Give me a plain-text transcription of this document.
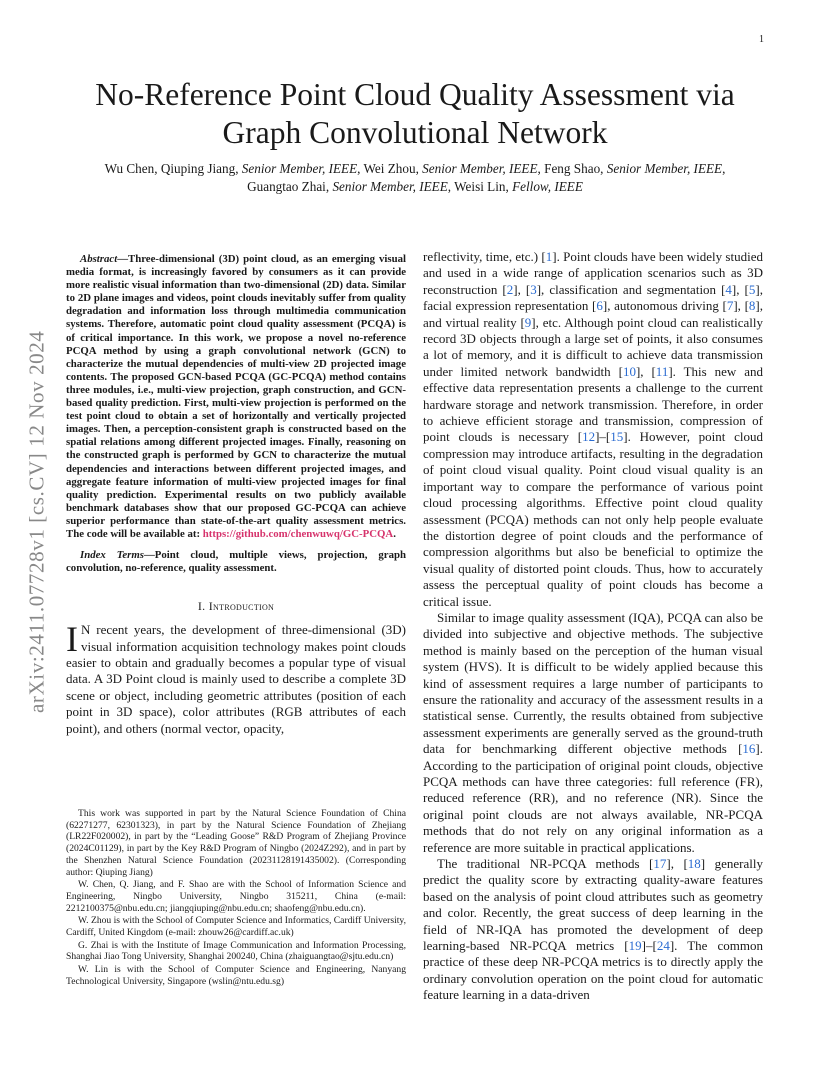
1
arXiv:2411.07728v1 [cs.CV] 12 Nov 2024
No-Reference Point Cloud Quality Assessment via Graph Convolutional Network
Wu Chen, Qiuping Jiang, Senior Member, IEEE, Wei Zhou, Senior Member, IEEE, Feng Shao, Senior Member, IEEE, Guangtao Zhai, Senior Member, IEEE, Weisi Lin, Fellow, IEEE
Abstract—Three-dimensional (3D) point cloud, as an emerging visual media format, is increasingly favored by consumers as it can provide more realistic visual information than two-dimensional (2D) data. Similar to 2D plane images and videos, point clouds inevitably suffer from quality degradation and information loss through multimedia communication systems. Therefore, automatic point cloud quality assessment (PCQA) is of critical importance. In this work, we propose a novel no-reference PCQA method by using a graph convolutional network (GCN) to characterize the mutual dependencies of multi-view 2D projected image contents. The proposed GCN-based PCQA (GC-PCQA) method contains three modules, i.e., multi-view projection, graph construction, and GCN-based quality prediction. First, multi-view projection is performed on the test point cloud to obtain a set of horizontally and vertically projected images. Then, a perception-consistent graph is constructed based on the spatial relations among different projected images. Finally, reasoning on the constructed graph is performed by GCN to characterize the mutual dependencies and interactions between different projected images, and aggregate feature information of multi-view projected images for final quality prediction. Experimental results on two publicly available benchmark databases show that our proposed GC-PCQA can achieve superior performance than state-of-the-art quality assessment metrics. The code will be available at: https://github.com/chenwuwq/GC-PCQA.
Index Terms—Point cloud, multiple views, projection, graph convolution, no-reference, quality assessment.
I. Introduction
I N recent years, the development of three-dimensional (3D) visual information acquisition technology makes point clouds easier to obtain and gradually becomes a popular type of visual data. A 3D Point cloud is mainly used to describe a complete 3D scene or object, including geometric attributes (position of each point in 3D space), color attributes (RGB attributes of each point), and others (normal vector, opacity,

This work was supported in part by the Natural Science Foundation of China (62271277, 62301323), in part by the Natural Science Foundation of Zhejiang (LR22F020002), in part by the “Leading Goose” R&D Program of Zhejiang Province (2024C01129), in part by the Key R&D Program of Ningbo (2024Z292), and in part by the Shenzhen Natural Science Foundation (20231128191435002). (Corresponding author: Qiuping Jiang)

W. Chen, Q. Jiang, and F. Shao are with the School of Information Science and Engineering, Ningbo University, Ningbo 315211, China (e-mail: 2212100375@nbu.edu.cn; jiangqiuping@nbu.edu.cn; shaofeng@nbu.edu.cn).

W. Zhou is with the School of Computer Science and Informatics, Cardiff University, Cardiff, United Kingdom (e-mail: zhouw26@cardiff.ac.uk)

G. Zhai is with the Institute of Image Communication and Information Processing, Shanghai Jiao Tong University, Shanghai 200240, China (zhaiguangtao@sjtu.edu.cn)

W. Lin is with the School of Computer Science and Engineering, Nanyang Technological University, Singapore (wslin@ntu.edu.sg)

reflectivity, time, etc.) [1]. Point clouds have been widely studied and used in a wide range of application scenarios such as 3D reconstruction [2], [3], classification and segmentation [4], [5], facial expression representation [6], autonomous driving [7], [8], and virtual reality [9], etc. Although point cloud can realistically record 3D objects through a large set of points, it also consumes a lot of memory, and it is difficult to achieve data transmission under limited network bandwidth [10], [11]. This new and effective data representation presents a challenge to the current hardware storage and network transmission. Therefore, in order to achieve efficient storage and transmission, compression of point clouds is necessary [12]–[15]. However, point cloud compression may introduce artifacts, resulting in the degradation of point cloud visual quality. Point cloud visual quality is an important way to compare the performance of various point cloud processing algorithms. Effective point cloud quality assessment (PCQA) methods can not only help people evaluate the distortion degree of point clouds and the performance of compression algorithms but also be beneficial to optimize the visual quality of distorted point clouds. Thus, how to accurately assess the perceptual quality of point clouds has become a critical issue.

Similar to image quality assessment (IQA), PCQA can also be divided into subjective and objective methods. The subjective method is mainly based on the perception of the human visual system (HVS). It is difficult to be widely applied because this kind of assessment requires a large number of participants to ensure the rationality and accuracy of the assessment results in a statistical sense. Currently, the results obtained from subjective assessment experiments are generally served as the ground-truth data for benchmarking different objective methods [16]. According to the participation of original point clouds, objective PCQA methods can have three categories: full reference (FR), reduced reference (RR), and no reference (NR). Since the original point clouds are not always available, NR-PCQA methods that do not rely on any original information as a reference are more suitable in practical applications.

The traditional NR-PCQA methods [17], [18] generally predict the quality score by extracting quality-aware features based on the analysis of point cloud attributes such as geometry and color. Recently, the great success of deep learning in the field of NR-IQA has promoted the development of deep learning-based NR-PCQA metrics [19]–[24]. The common practice of these deep NR-PCQA metrics is to directly apply the ordinary convolution operation on the point cloud for automatic feature learning in a data-driven
